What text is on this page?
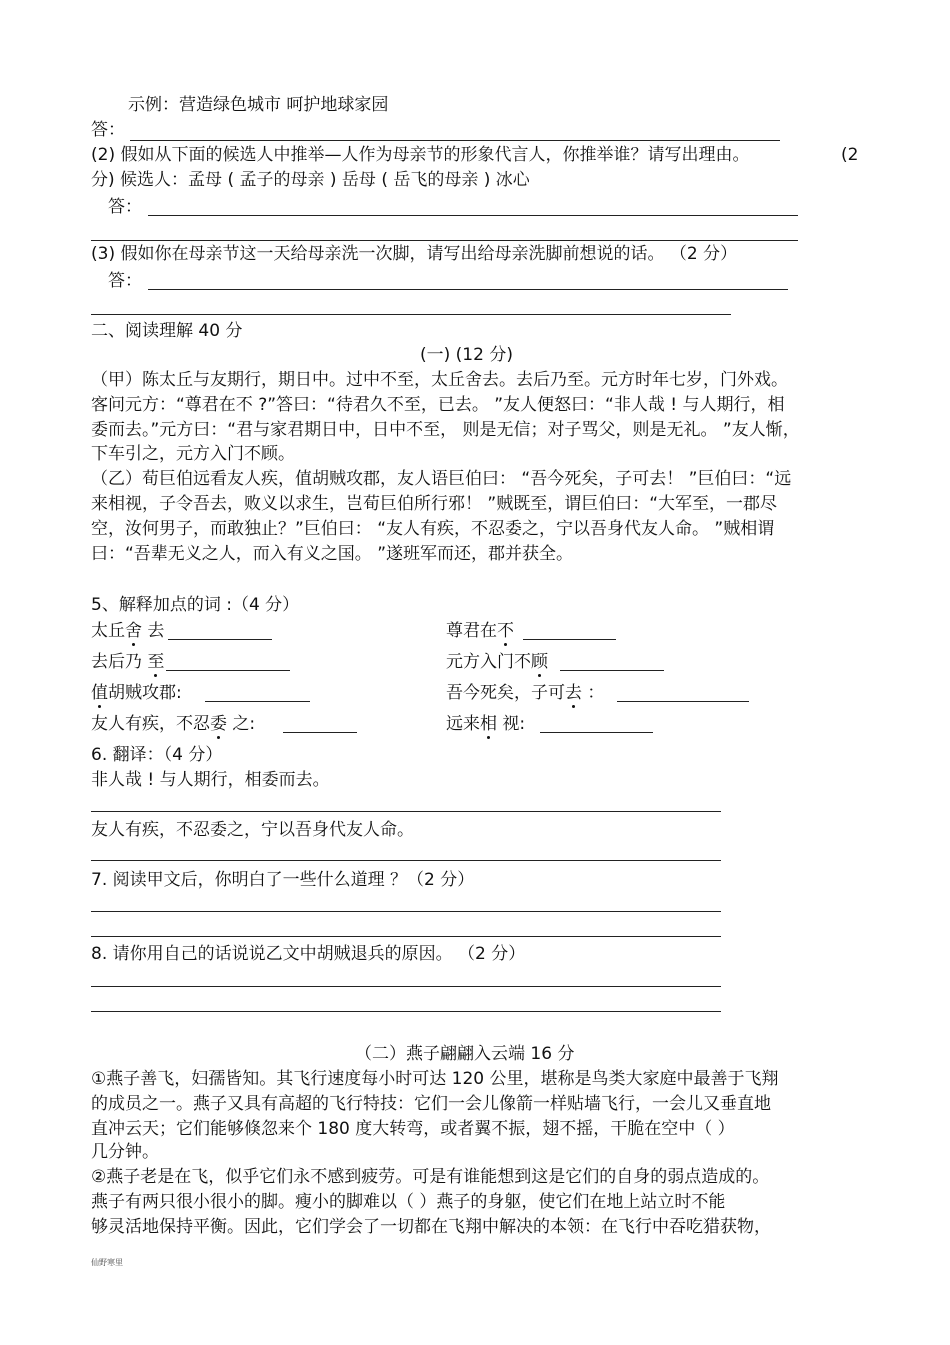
示例：营造绿色城市 呵护地球家园
答：
(2) 假如从下面的候选人中推举—人作为母亲节的形象代言人，你推举谁？请写出理由。	(2
分) 候选人：孟母 ( 孟子的母亲 ) 岳母 ( 岳飞的母亲 ) 冰心
答：
(3) 假如你在母亲节这一天给母亲洗一次脚，请写出给母亲洗脚前想说的话。 （2 分）
答：
二、阅读理解 40 分
(一) (12 分)
（甲）陈太丘与友期行，期日中。过中不至，太丘舍去。去后乃至。元方时年七岁，门外戏。
客问元方：“尊君在不 ?”答曰：“待君久不至，已去。 ”友人便怒曰：“非人哉 ! 与人期行，相
委而去。”元方曰：“君与家君期日中，日中不至， 则是无信；对子骂父，则是无礼。 ”友人惭，
下车引之，元方入门不顾。
（乙）荀巨伯远看友人疾，值胡贼攻郡，友人语巨伯曰： “吾今死矣，子可去！ ”巨伯曰：“远
来相视，子令吾去，败义以求生，岂荀巨伯所行邪！ ”贼既至，谓巨伯曰：“大军至，一郡尽
空，汝何男子，而敢独止？”巨伯曰： “友人有疾，不忍委之，宁以吾身代友人命。 ”贼相谓
曰：“吾辈无义之人，而入有义之国。 ”遂班军而还，郡并获全。
5、解释加点的词 :（4 分）
太丘舍 去	尊君在不
去后乃 至	元方入门不顾
值胡贼攻郡:	吾今死矣，子可去 ：
友人有疾，不忍委 之:	远来相 视:
6. 翻译：（4 分）
非人哉 ! 与人期行，相委而去。
友人有疾，不忍委之，宁以吾身代友人命。
7. 阅读甲文后，你明白了一些什么道理 ？（2 分）
8. 请你用自己的话说说乙文中胡贼退兵的原因。 （2 分）
（二）燕子翩翩入云端 16 分
①燕子善飞，妇孺皆知。其飞行速度每小时可达 120 公里，堪称是鸟类大家庭中最善于飞翔
的成员之一。燕子又具有高超的飞行特技：它们一会儿像箭一样贴墙飞行，一会儿又垂直地
直冲云天；它们能够倏忽来个 180 度大转弯，或者翼不振，翅不摇，干脆在空中（ ）
几分钟。
②燕子老是在飞，似乎它们永不感到疲劳。可是有谁能想到这是它们的自身的弱点造成的。
燕子有两只很小很小的脚。瘦小的脚难以（ ）燕子的身躯，使它们在地上站立时不能
够灵活地保持平衡。因此，它们学会了一切都在飞翔中解决的本领：在飞行中吞吃猎获物，
仙野寒里
